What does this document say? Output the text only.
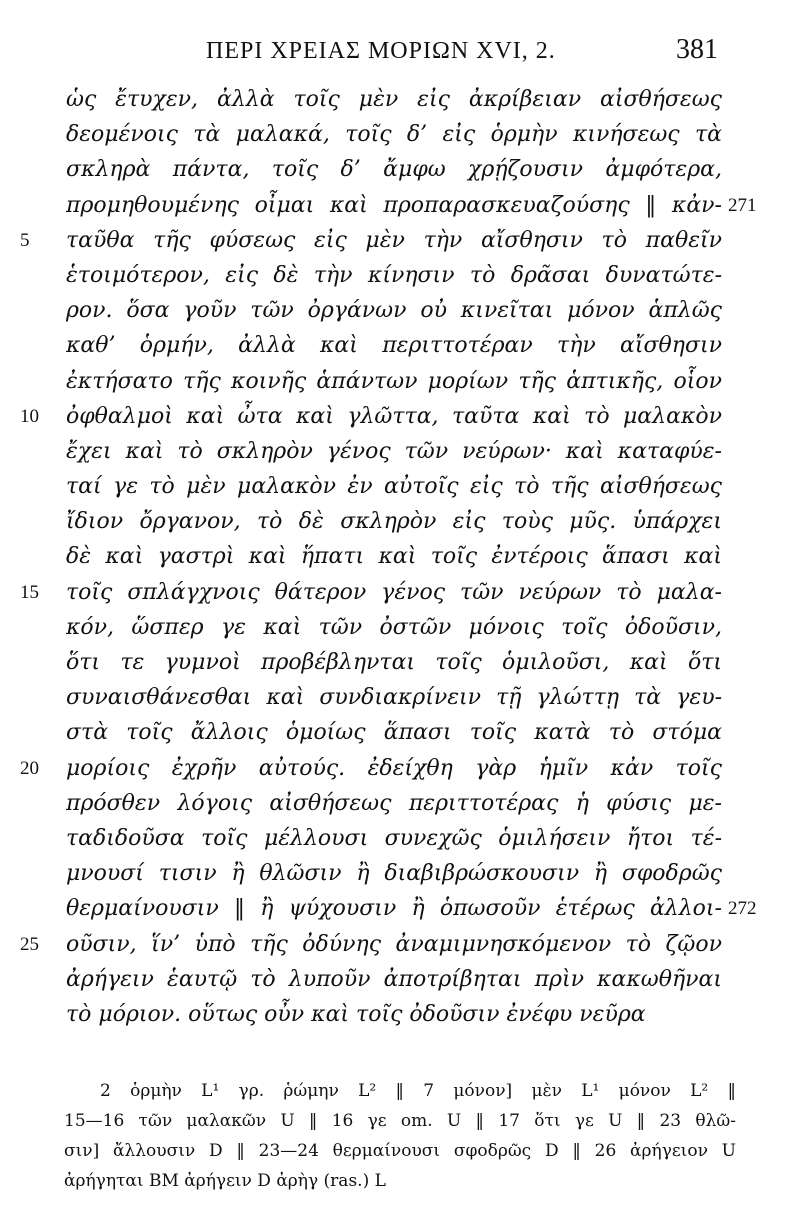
ΠΕΡΙ ΧΡΕΙΑΣ ΜΟΡΙΩΝ XVI, 2.	381
ὡς ἔτυχεν, ἀλλὰ τοῖς μὲν εἰς ἀκρίβειαν αἰσθήσεως
δεομένοις τὰ μαλακά, τοῖς δ’ εἰς ὁρμὴν κινήσεως τὰ
σκληρὰ πάντα, τοῖς δ’ ἄμφω χρῄζουσιν ἀμφότερα,
προμηθουμένης οἶμαι καὶ προπαρασκευαζούσης ‖ κἀν- 271
5	ταῦθα τῆς φύσεως εἰς μὲν τὴν αἴσθησιν τὸ παθεῖν
ἑτοιμότερον, εἰς δὲ τὴν κίνησιν τὸ δρᾶσαι δυνατώτε-
ρον. ὅσα γοῦν τῶν ὀργάνων οὐ κινεῖται μόνον ἁπλῶς
καθ’ ὁρμήν, ἀλλὰ καὶ περιττοτέραν τὴν αἴσθησιν
ἐκτήσατο τῆς κοινῆς ἁπάντων μορίων τῆς ἁπτικῆς, οἷον
10	ὀφθαλμοὶ καὶ ὦτα καὶ γλῶττα, ταῦτα καὶ τὸ μαλακὸν
ἔχει καὶ τὸ σκληρὸν γένος τῶν νεύρων· καὶ καταφύε-
ταί γε τὸ μὲν μαλακὸν ἐν αὐτοῖς εἰς τὸ τῆς αἰσθήσεως
ἴδιον ὄργανον, τὸ δὲ σκληρὸν εἰς τοὺς μῦς. ὑπάρχει
δὲ καὶ γαστρὶ καὶ ἥπατι καὶ τοῖς ἐντέροις ἅπασι καὶ
15	τοῖς σπλάγχνοις θάτερον γένος τῶν νεύρων τὸ μαλα-
κόν, ὥσπερ γε καὶ τῶν ὀστῶν μόνοις τοῖς ὀδοῦσιν,
ὅτι τε γυμνοὶ προβέβληνται τοῖς ὁμιλοῦσι, καὶ ὅτι
συναισθάνεσθαι καὶ συνδιακρίνειν τῇ γλώττῃ τὰ γευ-
στὰ τοῖς ἄλλοις ὁμοίως ἅπασι τοῖς κατὰ τὸ στόμα
20	μορίοις ἐχρῆν αὐτούς. ἐδείχθη γὰρ ἡμῖν κἀν τοῖς
πρόσθεν λόγοις αἰσθήσεως περιττοτέρας ἡ φύσις με-
ταδιδοῦσα τοῖς μέλλουσι συνεχῶς ὁμιλήσειν ἤτοι τέ-
μνουσί τισιν ἢ θλῶσιν ἢ διαβιβρώσκουσιν ἢ σφοδρῶς
θερμαίνουσιν ‖ ἢ ψύχουσιν ἢ ὁπωσοῦν ἑτέρως ἀλλοι- 272
25	οῦσιν, ἵν’ ὑπὸ τῆς ὀδύνης ἀναμιμνησκόμενον τὸ ζῷον
ἀρήγειν ἑαυτῷ τὸ λυποῦν ἀποτρίβηται πρὶν κακωθῆναι
τὸ μόριον. οὕτως οὖν καὶ τοῖς ὀδοῦσιν ἐνέφυ νεῦρα
2 ὁρμὴν L¹ γρ. ῥώμην L² ‖ 7 μόνον] μὲν L¹ μόνον L² ‖
15—16 τῶν μαλακῶν U ‖ 16 γε om. U ‖ 17 ὅτι γε U ‖ 23 θλῶ-
σιν] ἄλλουσιν D ‖ 23—24 θερμαίνουσι σφοδρῶς D ‖ 26 ἀρήγειον U
ἀρήγηται BM ἀρήγειν D ἀρὴγ (ras.) L
